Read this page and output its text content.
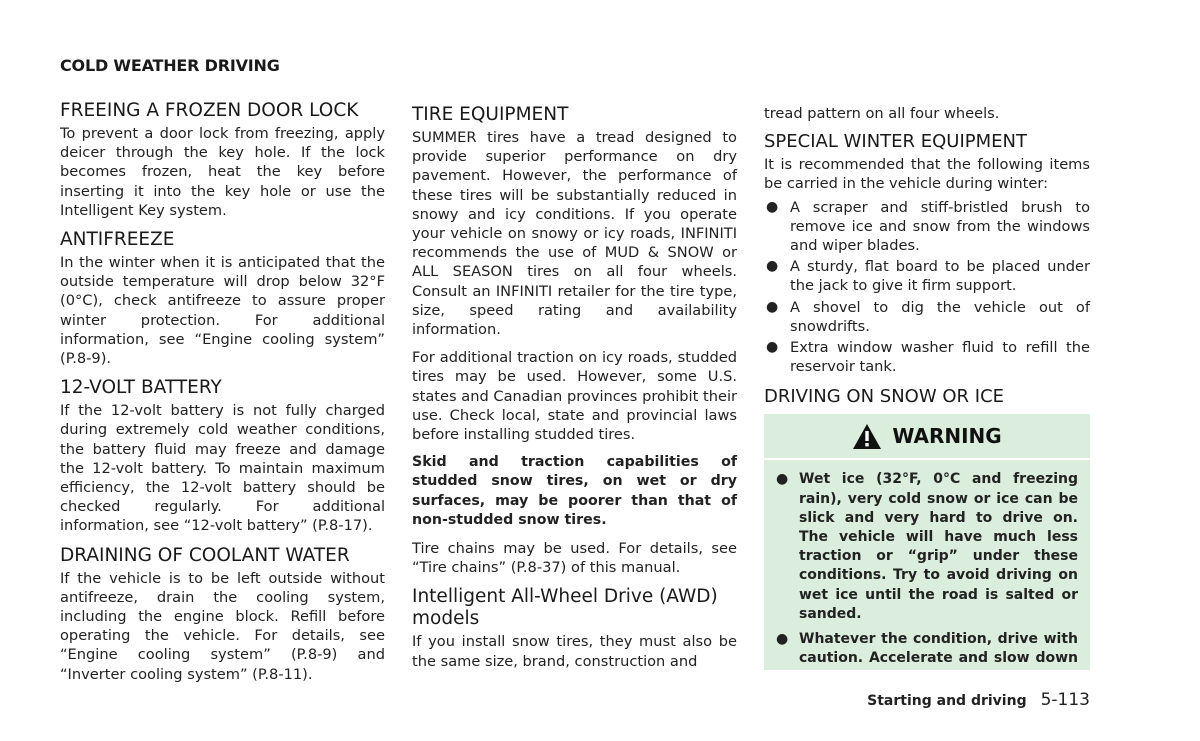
COLD WEATHER DRIVING
FREEING A FROZEN DOOR LOCK

To prevent a door lock from freezing, apply deicer through the key hole. If the lock becomes frozen, heat the key before inserting it into the key hole or use the Intelligent Key system.

ANTIFREEZE

In the winter when it is anticipated that the outside temperature will drop below 32°F (0°C), check antifreeze to assure proper winter protection. For additional information, see “Engine cooling system” (P.8-9).

12-VOLT BATTERY

If the 12-volt battery is not fully charged during extremely cold weather conditions, the battery fluid may freeze and damage the 12-volt battery. To maintain maximum efficiency, the 12-volt battery should be checked regularly. For additional information, see “12-volt battery” (P.8-17).

DRAINING OF COOLANT WATER

If the vehicle is to be left outside without antifreeze, drain the cooling system, including the engine block. Refill before operating the vehicle. For details, see “Engine cooling system” (P.8-9) and “Inverter cooling system” (P.8-11).

TIRE EQUIPMENT

SUMMER tires have a tread designed to provide superior performance on dry pavement. However, the performance of these tires will be substantially reduced in snowy and icy conditions. If you operate your vehicle on snowy or icy roads, INFINITI recommends the use of MUD & SNOW or ALL SEASON tires on all four wheels. Consult an INFINITI retailer for the tire type, size, speed rating and availability information.

For additional traction on icy roads, studded tires may be used. However, some U.S. states and Canadian provinces prohibit their use. Check local, state and provincial laws before installing studded tires.

Skid and traction capabilities of studded snow tires, on wet or dry surfaces, may be poorer than that of non-studded snow tires.

Tire chains may be used. For details, see “Tire chains” (P.8-37) of this manual.

Intelligent All-Wheel Drive (AWD) models

If you install snow tires, they must also be the same size, brand, construction and

tread pattern on all four wheels.

SPECIAL WINTER EQUIPMENT

It is recommended that the following items be carried in the vehicle during winter:

● A scraper and stiff-bristled brush to remove ice and snow from the windows and wiper blades.
● A sturdy, flat board to be placed under the jack to give it firm support.
● A shovel to dig the vehicle out of snowdrifts.
● Extra window washer fluid to refill the reservoir tank.
DRIVING ON SNOW OR ICE
WARNING
● Wet ice (32°F, 0°C and freezing rain), very cold snow or ice can be slick and very hard to drive on. The vehicle will have much less traction or “grip” under these conditions. Try to avoid driving on wet ice until the road is salted or sanded.
● Whatever the condition, drive with caution. Accelerate and slow down
Starting and driving 5-113
